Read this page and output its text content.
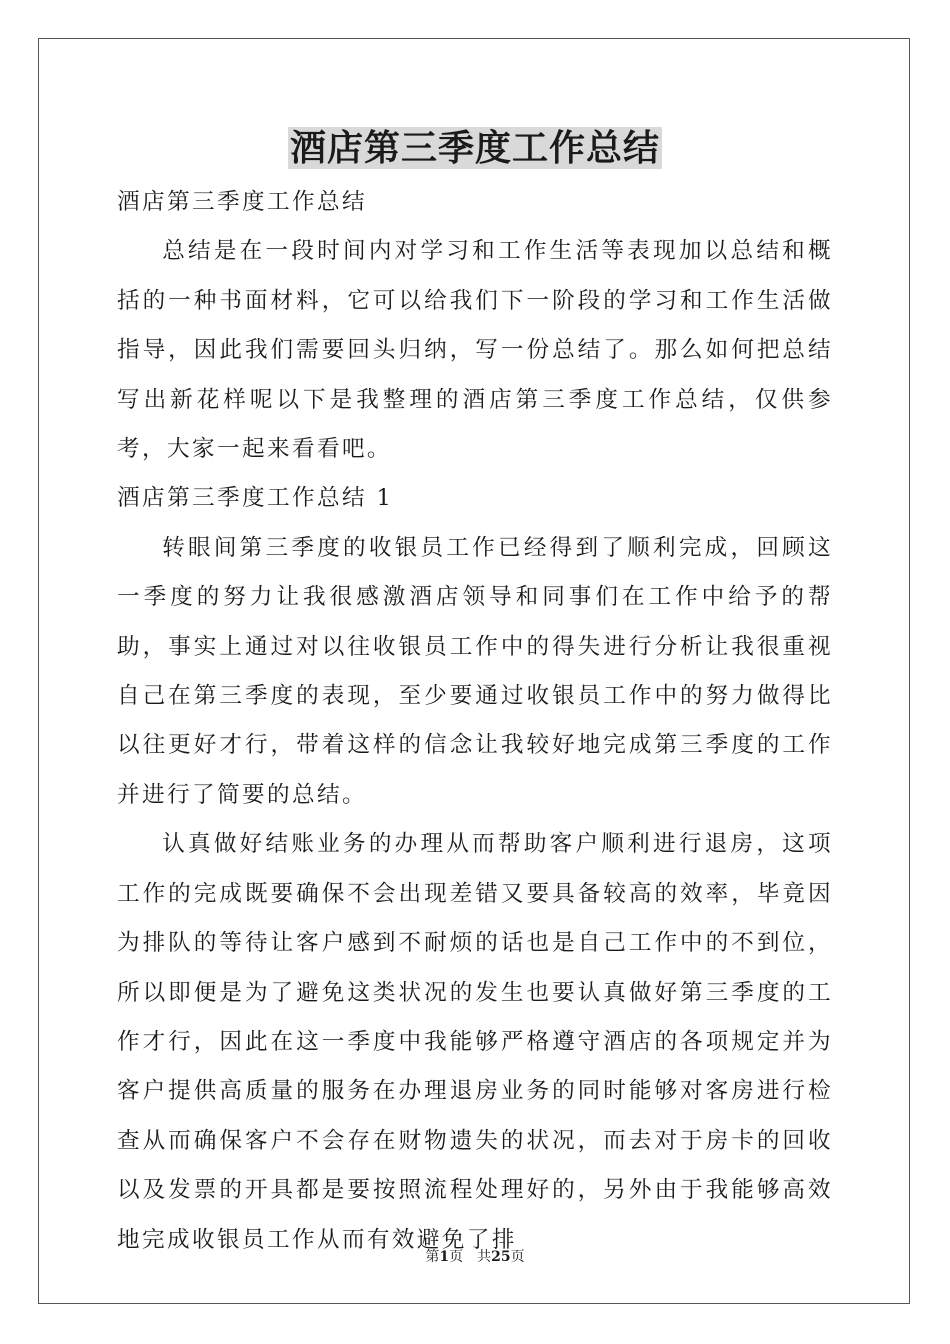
酒店第三季度工作总结

酒店第三季度工作总结

总结是在一段时间内对学习和工作生活等表现加以总结和概括的一种书面材料，它可以给我们下一阶段的学习和工作生活做指导，因此我们需要回头归纳，写一份总结了。那么如何把总结写出新花样呢以下是我整理的酒店第三季度工作总结，仅供参考，大家一起来看看吧。

酒店第三季度工作总结 1

转眼间第三季度的收银员工作已经得到了顺利完成，回顾这一季度的努力让我很感激酒店领导和同事们在工作中给予的帮助，事实上通过对以往收银员工作中的得失进行分析让我很重视自己在第三季度的表现，至少要通过收银员工作中的努力做得比以往更好才行，带着这样的信念让我较好地完成第三季度的工作并进行了简要的总结。

认真做好结账业务的办理从而帮助客户顺利进行退房，这项工作的完成既要确保不会出现差错又要具备较高的效率，毕竟因为排队的等待让客户感到不耐烦的话也是自己工作中的不到位，所以即便是为了避免这类状况的发生也要认真做好第三季度的工作才行，因此在这一季度中我能够严格遵守酒店的各项规定并为客户提供高质量的服务在办理退房业务的同时能够对客房进行检查从而确保客户不会存在财物遗失的状况，而去对于房卡的回收以及发票的开具都是要按照流程处理好的，另外由于我能够高效地完成收银员工作从而有效避免了排

第1页 共25页
